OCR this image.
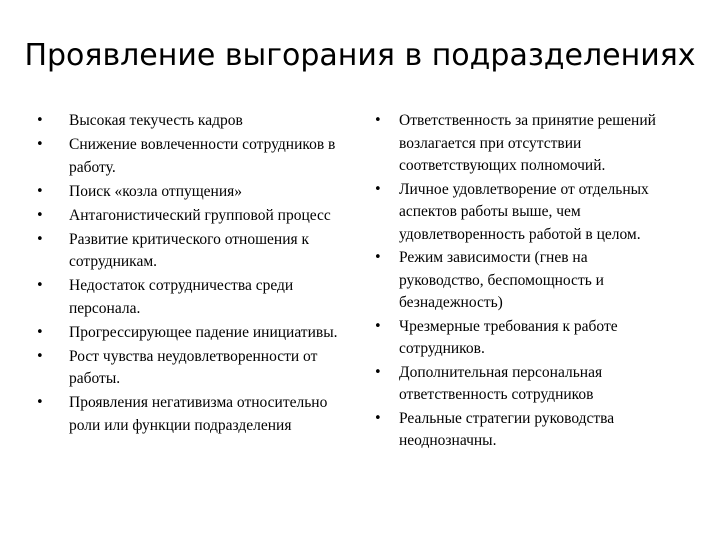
Проявление выгорания в подразделениях
• Высокая текучесть кадров
• Снижение вовлеченности сотрудников в работу.
• Поиск «козла отпущения»
• Антагонистический групповой процесс
• Развитие критического отношения к сотрудникам.
• Недостаток сотрудничества среди персонала.
• Прогрессирующее падение инициативы.
• Рост чувства неудовлетворенности от работы.
• Проявления негативизма относительно роли или функции подразделения
• Ответственность за принятие решений возлагается при отсутствии соответствующих полномочий.
• Личное удовлетворение от отдельных аспектов работы выше, чем удовлетворенность работой в целом.
• Режим зависимости (гнев на руководство, беспомощность и безнадежность)
• Чрезмерные требования к работе сотрудников.
• Дополнительная персональная ответственность сотрудников
• Реальные стратегии руководства неоднозначны.
